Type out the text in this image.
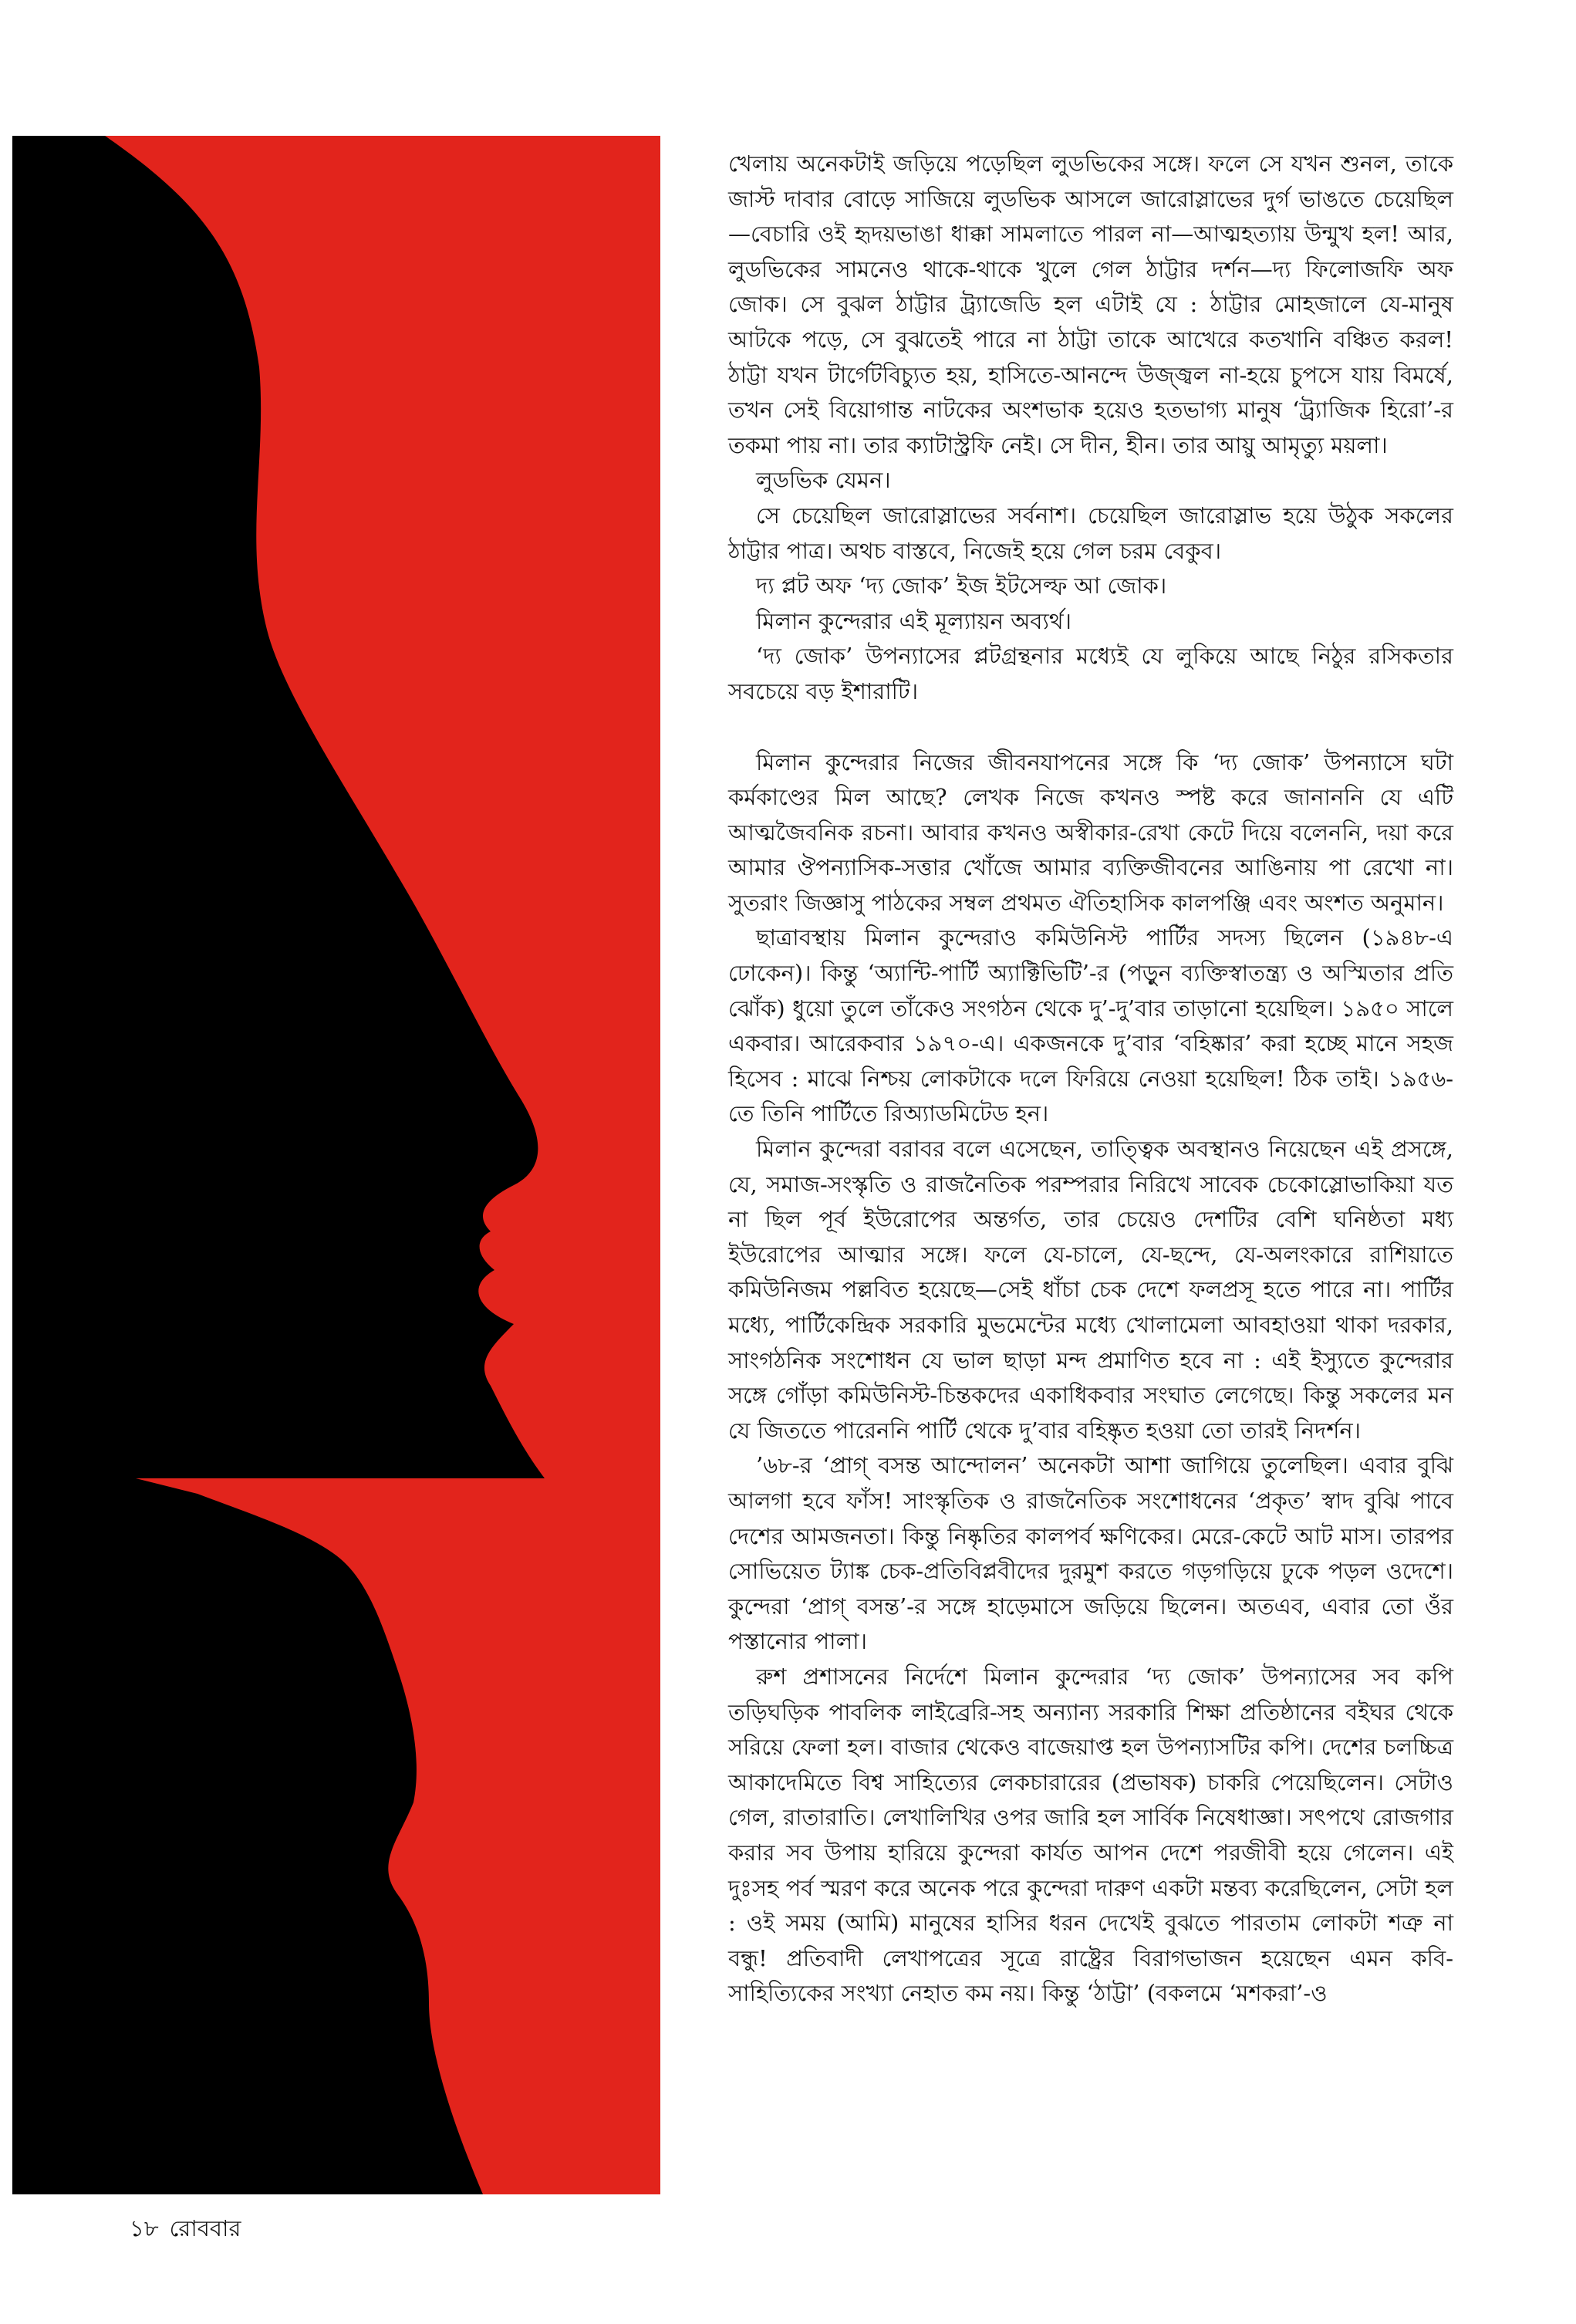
খেলায় অনেকটাই জড়িয়ে পড়েছিল লুডভিকের সঙ্গে। ফলে সে যখন শুনল, তাকে জাস্ট দাবার বোড়ে সাজিয়ে লুডভিক আসলে জারোস্লাভের দুর্গ ভাঙতে চেয়েছিল—বেচারি ওই হৃদয়ভাঙা ধাক্কা সামলাতে পারল না—আত্মহত্যায় উন্মুখ হল! আর, লুডভিকের সামনেও থাকে-থাকে খুলে গেল ঠাট্টার দর্শন—দ্য ফিলোজফি অফ জোক। সে বুঝল ঠাট্টার ট্র্যাজেডি হল এটাই যে : ঠাট্টার মোহজালে যে-মানুষ আটকে পড়ে, সে বুঝতেই পারে না ঠাট্টা তাকে আখেরে কতখানি বঞ্চিত করল! ঠাট্টা যখন টার্গেটবিচ্যুত হয়, হাসিতে-আনন্দে উজ্জ্বল না-হয়ে চুপসে যায় বিমর্ষে, তখন সেই বিয়োগান্ত নাটকের অংশভাক হয়েও হতভাগ্য মানুষ ‘ট্র্যাজিক হিরো’-র তকমা পায় না। তার ক্যাটাস্ট্রফি নেই। সে দীন, হীন। তার আয়ু আমৃত্যু ময়লা।

লুডভিক যেমন।

সে চেয়েছিল জারোস্লাভের সর্বনাশ। চেয়েছিল জারোস্লাভ হয়ে উঠুক সকলের ঠাট্টার পাত্র। অথচ বাস্তবে, নিজেই হয়ে গেল চরম বেকুব।

দ্য প্লট অফ ‘দ্য জোক’ ইজ ইটসেল্ফ আ জোক।

মিলান কুন্দেরার এই মূল্যায়ন অব্যর্থ।

‘দ্য জোক’ উপন্যাসের প্লটগ্রন্থনার মধ্যেই যে লুকিয়ে আছে নিঠুর রসিকতার সবচেয়ে বড় ইশারাটি।

মিলান কুন্দেরার নিজের জীবনযাপনের সঙ্গে কি ‘দ্য জোক’ উপন্যাসে ঘটা কর্মকাণ্ডের মিল আছে? লেখক নিজে কখনও স্পষ্ট করে জানাননি যে এটি আত্মজৈবনিক রচনা। আবার কখনও অস্বীকার-রেখা কেটে দিয়ে বলেননি, দয়া করে আমার ঔপন্যাসিক-সত্তার খোঁজে আমার ব্যক্তিজীবনের আঙিনায় পা রেখো না। সুতরাং জিজ্ঞাসু পাঠকের সম্বল প্রথমত ঐতিহাসিক কালপঞ্জি এবং অংশত অনুমান।

ছাত্রাবস্থায় মিলান কুন্দেরাও কমিউনিস্ট পার্টির সদস্য ছিলেন (১৯৪৮-এ ঢোকেন)। কিন্তু ‘অ্যান্টি-পার্টি অ্যাক্টিভিটি’-র (পড়ুন ব্যক্তিস্বাতন্ত্র্য ও অস্মিতার প্রতি ঝোঁক) ধুয়ো তুলে তাঁকেও সংগঠন থেকে দু’-দু’বার তাড়ানো হয়েছিল। ১৯৫০ সালে একবার। আরেকবার ১৯৭০-এ। একজনকে দু’বার ‘বহিষ্কার’ করা হচ্ছে মানে সহজ হিসেব : মাঝে নিশ্চয় লোকটাকে দলে ফিরিয়ে নেওয়া হয়েছিল! ঠিক তাই। ১৯৫৬-তে তিনি পার্টিতে রিঅ্যাডমিটেড হন।

মিলান কুন্দেরা বরাবর বলে এসেছেন, তাত্ত্বিক অবস্থানও নিয়েছেন এই প্রসঙ্গে, যে, সমাজ-সংস্কৃতি ও রাজনৈতিক পরম্পরার নিরিখে সাবেক চেকোস্লোভাকিয়া যত না ছিল পূর্ব ইউরোপের অন্তর্গত, তার চেয়েও দেশটির বেশি ঘনিষ্ঠতা মধ্য ইউরোপের আত্মার সঙ্গে। ফলে যে-চালে, যে-ছন্দে, যে-অলংকারে রাশিয়াতে কমিউনিজম পল্লবিত হয়েছে—সেই ধাঁচা চেক দেশে ফলপ্রসূ হতে পারে না। পার্টির মধ্যে, পার্টিকেন্দ্রিক সরকারি মুভমেন্টের মধ্যে খোলামেলা আবহাওয়া থাকা দরকার, সাংগঠনিক সংশোধন যে ভাল ছাড়া মন্দ প্রমাণিত হবে না : এই ইস্যুতে কুন্দেরার সঙ্গে গোঁড়া কমিউনিস্ট-চিন্তকদের একাধিকবার সংঘাত লেগেছে। কিন্তু সকলের মন যে জিততে পারেননি পার্টি থেকে দু’বার বহিষ্কৃত হওয়া তো তারই নিদর্শন।

’৬৮-র ‘প্রাগ্ বসন্ত আন্দোলন’ অনেকটা আশা জাগিয়ে তুলেছিল। এবার বুঝি আলগা হবে ফাঁস! সাংস্কৃতিক ও রাজনৈতিক সংশোধনের ‘প্রকৃত’ স্বাদ বুঝি পাবে দেশের আমজনতা। কিন্তু নিষ্কৃতির কালপর্ব ক্ষণিকের। মেরে-কেটে আট মাস। তারপর সোভিয়েত ট্যাঙ্ক চেক-প্রতিবিপ্লবীদের দুরমুশ করতে গড়গড়িয়ে ঢুকে পড়ল ওদেশে। কুন্দেরা ‘প্রাগ্ বসন্ত’-র সঙ্গে হাড়েমাসে জড়িয়ে ছিলেন। অতএব, এবার তো ওঁর পস্তানোর পালা।

রুশ প্রশাসনের নির্দেশে মিলান কুন্দেরার ‘দ্য জোক’ উপন্যাসের সব কপি তড়িঘড়িক পাবলিক লাইব্রেরি-সহ অন্যান্য সরকারি শিক্ষা প্রতিষ্ঠানের বইঘর থেকে সরিয়ে ফেলা হল। বাজার থেকেও বাজেয়াপ্ত হল উপন্যাসটির কপি। দেশের চলচ্চিত্র আকাদেমিতে বিশ্ব সাহিত্যের লেকচারারের (প্রভাষক) চাকরি পেয়েছিলেন। সেটাও গেল, রাতারাতি। লেখালিখির ওপর জারি হল সার্বিক নিষেধাজ্ঞা। সৎপথে রোজগার করার সব উপায় হারিয়ে কুন্দেরা কার্যত আপন দেশে পরজীবী হয়ে গেলেন। এই দুঃসহ পর্ব স্মরণ করে অনেক পরে কুন্দেরা দারুণ একটা মন্তব্য করেছিলেন, সেটা হল : ওই সময় (আমি) মানুষের হাসির ধরন দেখেই বুঝতে পারতাম লোকটা শত্রু না বন্ধু! প্রতিবাদী লেখাপত্রের সূত্রে রাষ্ট্রের বিরাগভাজন হয়েছেন এমন কবি-সাহিত্যিকের সংখ্যা নেহাত কম নয়। কিন্তু ‘ঠাট্টা’ (বকলমে ‘মশকরা’-ও

১৮ রোববার
